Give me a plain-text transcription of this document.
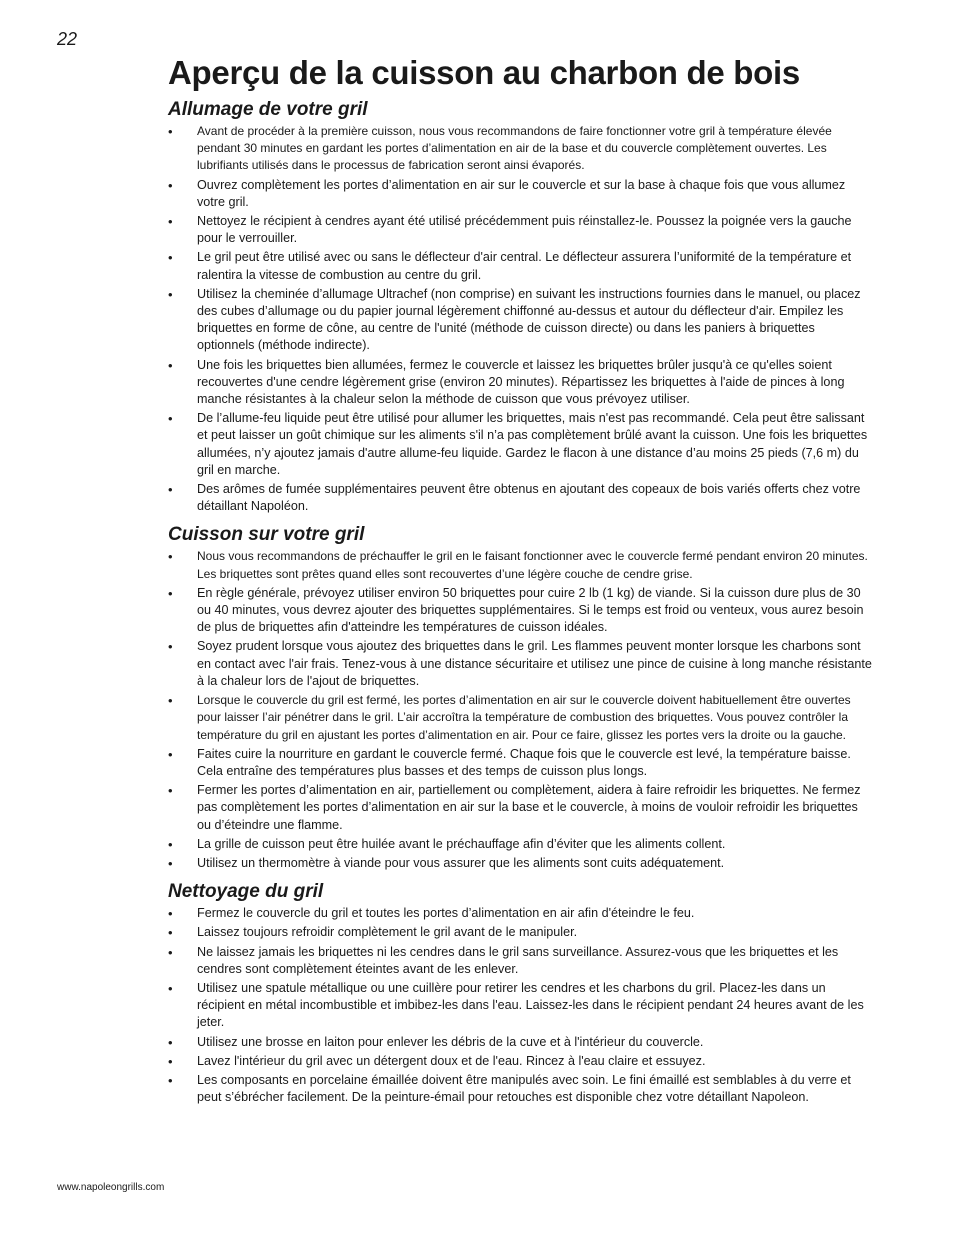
22
Aperçu de la cuisson au charbon de bois
Allumage de votre gril
• Avant de procéder à la première cuisson, nous vous recommandons de faire fonctionner votre gril à température élevée pendant 30 minutes en gardant les portes d’alimentation en air de la base et du couvercle complètement ouvertes. Les lubrifiants utilisés dans le processus de fabrication seront ainsi évaporés.
• Ouvrez complètement les portes d’alimentation en air sur le couvercle et sur la base à chaque fois que vous allumez votre gril.
• Nettoyez le récipient à cendres ayant été utilisé précédemment puis réinstallez-le. Poussez la poignée vers la gauche pour le verrouiller.
• Le gril peut être utilisé avec ou sans le déflecteur d'air central. Le déflecteur assurera l’uniformité de la température et ralentira la vitesse de combustion au centre du gril.
• Utilisez la cheminée d’allumage Ultrachef (non comprise) en suivant les instructions fournies dans le manuel, ou placez des cubes d’allumage ou du papier journal légèrement chiffonné au-dessus et autour du déflecteur d'air. Empilez les briquettes en forme de cône, au centre de l'unité (méthode de cuisson directe) ou dans les paniers à briquettes optionnels (méthode indirecte).
• Une fois les briquettes bien allumées, fermez le couvercle et laissez les briquettes brûler jusqu'à ce qu'elles soient recouvertes d'une cendre légèrement grise (environ 20 minutes). Répartissez les briquettes à l'aide de pinces à long manche résistantes à la chaleur selon la méthode de cuisson que vous prévoyez utiliser.
• De l’allume-feu liquide peut être utilisé pour allumer les briquettes, mais n'est pas recommandé. Cela peut être salissant et peut laisser un goût chimique sur les aliments s'il n’a pas complètement brûlé avant la cuisson. Une fois les briquettes allumées, n’y ajoutez jamais d'autre allume-feu liquide. Gardez le flacon à une distance d’au moins 25 pieds (7,6 m) du gril en marche.
• Des arômes de fumée supplémentaires peuvent être obtenus en ajoutant des copeaux de bois variés offerts chez votre détaillant Napoléon.
Cuisson sur votre gril
• Nous vous recommandons de préchauffer le gril en le faisant fonctionner avec le couvercle fermé pendant environ 20 minutes. Les briquettes sont prêtes quand elles sont recouvertes d’une légère couche de cendre grise.
• En règle générale, prévoyez utiliser environ 50 briquettes pour cuire 2 lb (1 kg) de viande. Si la cuisson dure plus de 30 ou 40 minutes, vous devrez ajouter des briquettes supplémentaires. Si le temps est froid ou venteux, vous aurez besoin de plus de briquettes afin d'atteindre les températures de cuisson idéales.
• Soyez prudent lorsque vous ajoutez des briquettes dans le gril. Les flammes peuvent monter lorsque les charbons sont en contact avec l'air frais. Tenez-vous à une distance sécuritaire et utilisez une pince de cuisine à long manche résistante à la chaleur lors de l'ajout de briquettes.
• Lorsque le couvercle du gril est fermé, les portes d’alimentation en air sur le couvercle doivent habituellement être ouvertes pour laisser l’air pénétrer dans le gril. L’air accroîtra la température de combustion des briquettes. Vous pouvez contrôler la température du gril en ajustant les portes d’alimentation en air. Pour ce faire, glissez les portes vers la droite ou la gauche.
• Faites cuire la nourriture en gardant le couvercle fermé. Chaque fois que le couvercle est levé, la température baisse. Cela entraîne des températures plus basses et des temps de cuisson plus longs.
• Fermer les portes d’alimentation en air, partiellement ou complètement, aidera à faire refroidir les briquettes. Ne fermez pas complètement les portes d’alimentation en air sur la base et le couvercle, à moins de vouloir refroidir les briquettes ou d’éteindre une flamme.
• La grille de cuisson peut être huilée avant le préchauffage afin d’éviter que les aliments collent.
• Utilisez un thermomètre à viande pour vous assurer que les aliments sont cuits adéquatement.
Nettoyage du gril
• Fermez le couvercle du gril et toutes les portes d’alimentation en air afin d'éteindre le feu.
• Laissez toujours refroidir complètement le gril avant de le manipuler.
• Ne laissez jamais les briquettes ni les cendres dans le gril sans surveillance. Assurez-vous que les briquettes et les cendres sont complètement éteintes avant de les enlever.
• Utilisez une spatule métallique ou une cuillère pour retirer les cendres et les charbons du gril. Placez-les dans un récipient en métal incombustible et imbibez-les dans l'eau. Laissez-les dans le récipient pendant 24 heures avant de les jeter.
• Utilisez une brosse en laiton pour enlever les débris de la cuve et à l'intérieur du couvercle.
• Lavez l'intérieur du gril avec un détergent doux et de l'eau. Rincez à l'eau claire et essuyez.
• Les composants en porcelaine émaillée doivent être manipulés avec soin. Le fini émaillé est semblables à du verre et peut s’ébrécher facilement. De la peinture-émail pour retouches est disponible chez votre détaillant Napoleon.
www.napoleongrills.com
